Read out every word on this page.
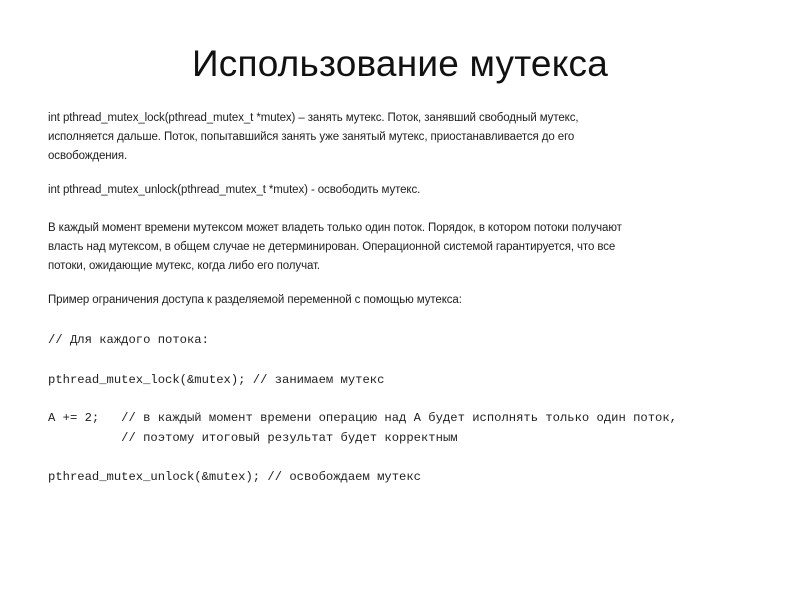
Использование мутекса
int pthread_mutex_lock(pthread_mutex_t *mutex) – занять мутекс. Поток, занявший свободный мутекс,
исполняется дальше. Поток, попытавшийся занять уже занятый мутекс, приостанавливается до его
освобождения.
int pthread_mutex_unlock(pthread_mutex_t *mutex) - освободить мутекс.
В каждый момент времени мутексом может владеть только один поток. Порядок, в котором потоки получают
власть над мутексом, в общем случае не детерминирован. Операционной системой гарантируется, что все
потоки, ожидающие мутекс, когда либо его получат.
Пример ограничения доступа к разделяемой переменной с помощью мутекса:
// Для каждого потока:
pthread_mutex_lock(&mutex); // занимаем мутекс
A += 2;   // в каждый момент времени операцию над A будет исполнять только один поток,
// поэтому итоговый результат будет корректным
pthread_mutex_unlock(&mutex); // освобождаем мутекс
